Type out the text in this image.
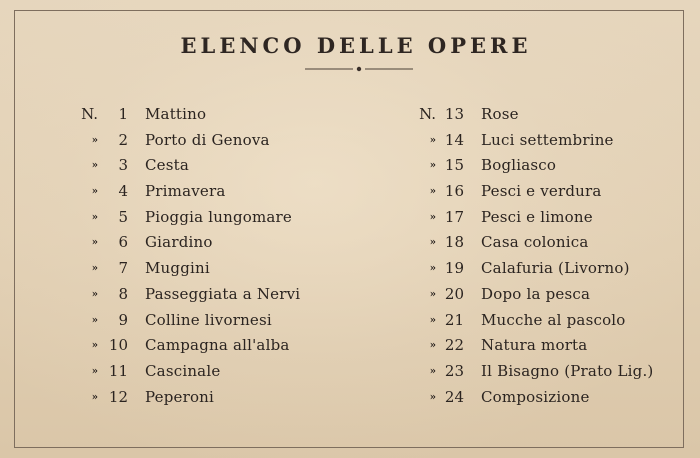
ELENCO DELLE OPERE
N.	1 Mattino
»	2 Porto di Genova
»	3 Cesta
»	4 Primavera
»	5 Pioggia lungomare
»	6 Giardino
»	7 Muggini
»	8 Passeggiata a Nervi
»	9 Colline livornesi
» 10 Campagna all'alba
» 11 Cascinale
» 12 Peperoni
N. 13 Rose
» 14 Luci settembrine
» 15 Bogliasco
» 16 Pesci e verdura
» 17 Pesci e limone
» 18 Casa colonica
» 19 Calafuria (Livorno)
» 20 Dopo la pesca
» 21 Mucche al pascolo
» 22 Natura morta
» 23 Il Bisagno (Prato Lig.)
» 24 Composizione
